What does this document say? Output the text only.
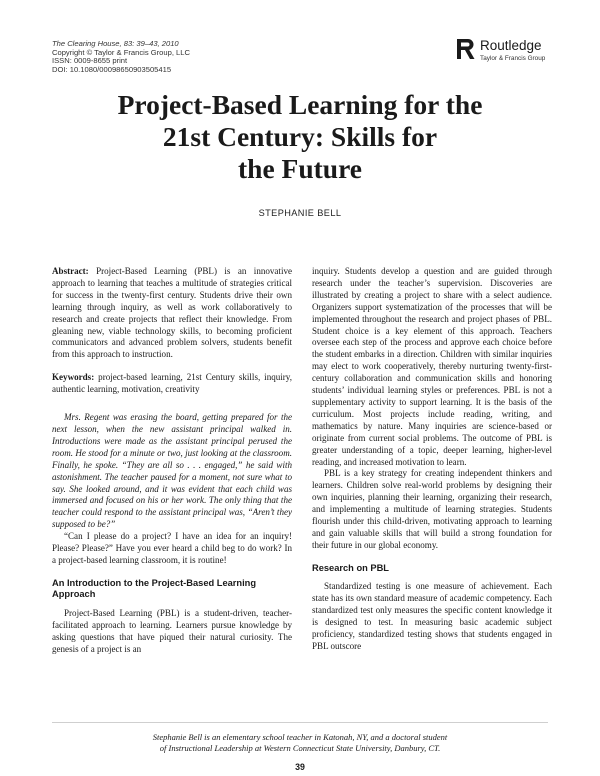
The Clearing House, 83: 39–43, 2010
Copyright © Taylor & Francis Group, LLC
ISSN: 0009-8655 print
DOI: 10.1080/00098650903505415
Routledge
Taylor & Francis Group
Project-Based Learning for the
21st Century: Skills for
the Future
STEPHANIE BELL

Abstract: Project-Based Learning (PBL) is an innovative approach to learning that teaches a multitude of strategies critical for success in the twenty-first century. Students drive their own learning through inquiry, as well as work collaboratively to research and create projects that reflect their knowledge. From gleaning new, viable technology skills, to becoming proficient communicators and advanced problem solvers, students benefit from this approach to instruction.

Keywords: project-based learning, 21st Century skills, inquiry, authentic learning, motivation, creativity

Mrs. Regent was erasing the board, getting prepared for the next lesson, when the new assistant principal walked in. Introductions were made as the assistant principal perused the room. He stood for a minute or two, just looking at the classroom. Finally, he spoke. “They are all so . . . engaged,” he said with astonishment. The teacher paused for a moment, not sure what to say. She looked around, and it was evident that each child was immersed and focused on his or her work. The only thing that the teacher could respond to the assistant principal was, “Aren’t they supposed to be?”

“Can I please do a project? I have an idea for an inquiry! Please? Please?” Have you ever heard a child beg to do work? In a project-based learning classroom, it is routine!

An Introduction to the Project-Based Learning Approach

Project-Based Learning (PBL) is a student-driven, teacher-facilitated approach to learning. Learners pursue knowledge by asking questions that have piqued their natural curiosity. The genesis of a project is an

inquiry. Students develop a question and are guided through research under the teacher’s supervision. Discoveries are illustrated by creating a project to share with a select audience. Organizers support systematization of the processes that will be implemented throughout the research and project phases of PBL. Student choice is a key element of this approach. Teachers oversee each step of the process and approve each choice before the student embarks in a direction. Children with similar inquiries may elect to work cooperatively, thereby nurturing twenty-first-century collaboration and communication skills and honoring students’ individual learning styles or preferences. PBL is not a supplementary activity to support learning. It is the basis of the curriculum. Most projects include reading, writing, and mathematics by nature. Many inquiries are science-based or originate from current social problems. The outcome of PBL is greater understanding of a topic, deeper learning, higher-level reading, and increased motivation to learn.

PBL is a key strategy for creating independent thinkers and learners. Children solve real-world problems by designing their own inquiries, planning their learning, organizing their research, and implementing a multitude of learning strategies. Students flourish under this child-driven, motivating approach to learning and gain valuable skills that will build a strong foundation for their future in our global economy.

Research on PBL

Standardized testing is one measure of achievement. Each state has its own standard measure of academic competency. Each standardized test only measures the specific content knowledge it is designed to test. In measuring basic academic subject proficiency, standardized testing shows that students engaged in PBL outscore

Stephanie Bell is an elementary school teacher in Katonah, NY, and a doctoral student
of Instructional Leadership at Western Connecticut State University, Danbury, CT.
39
